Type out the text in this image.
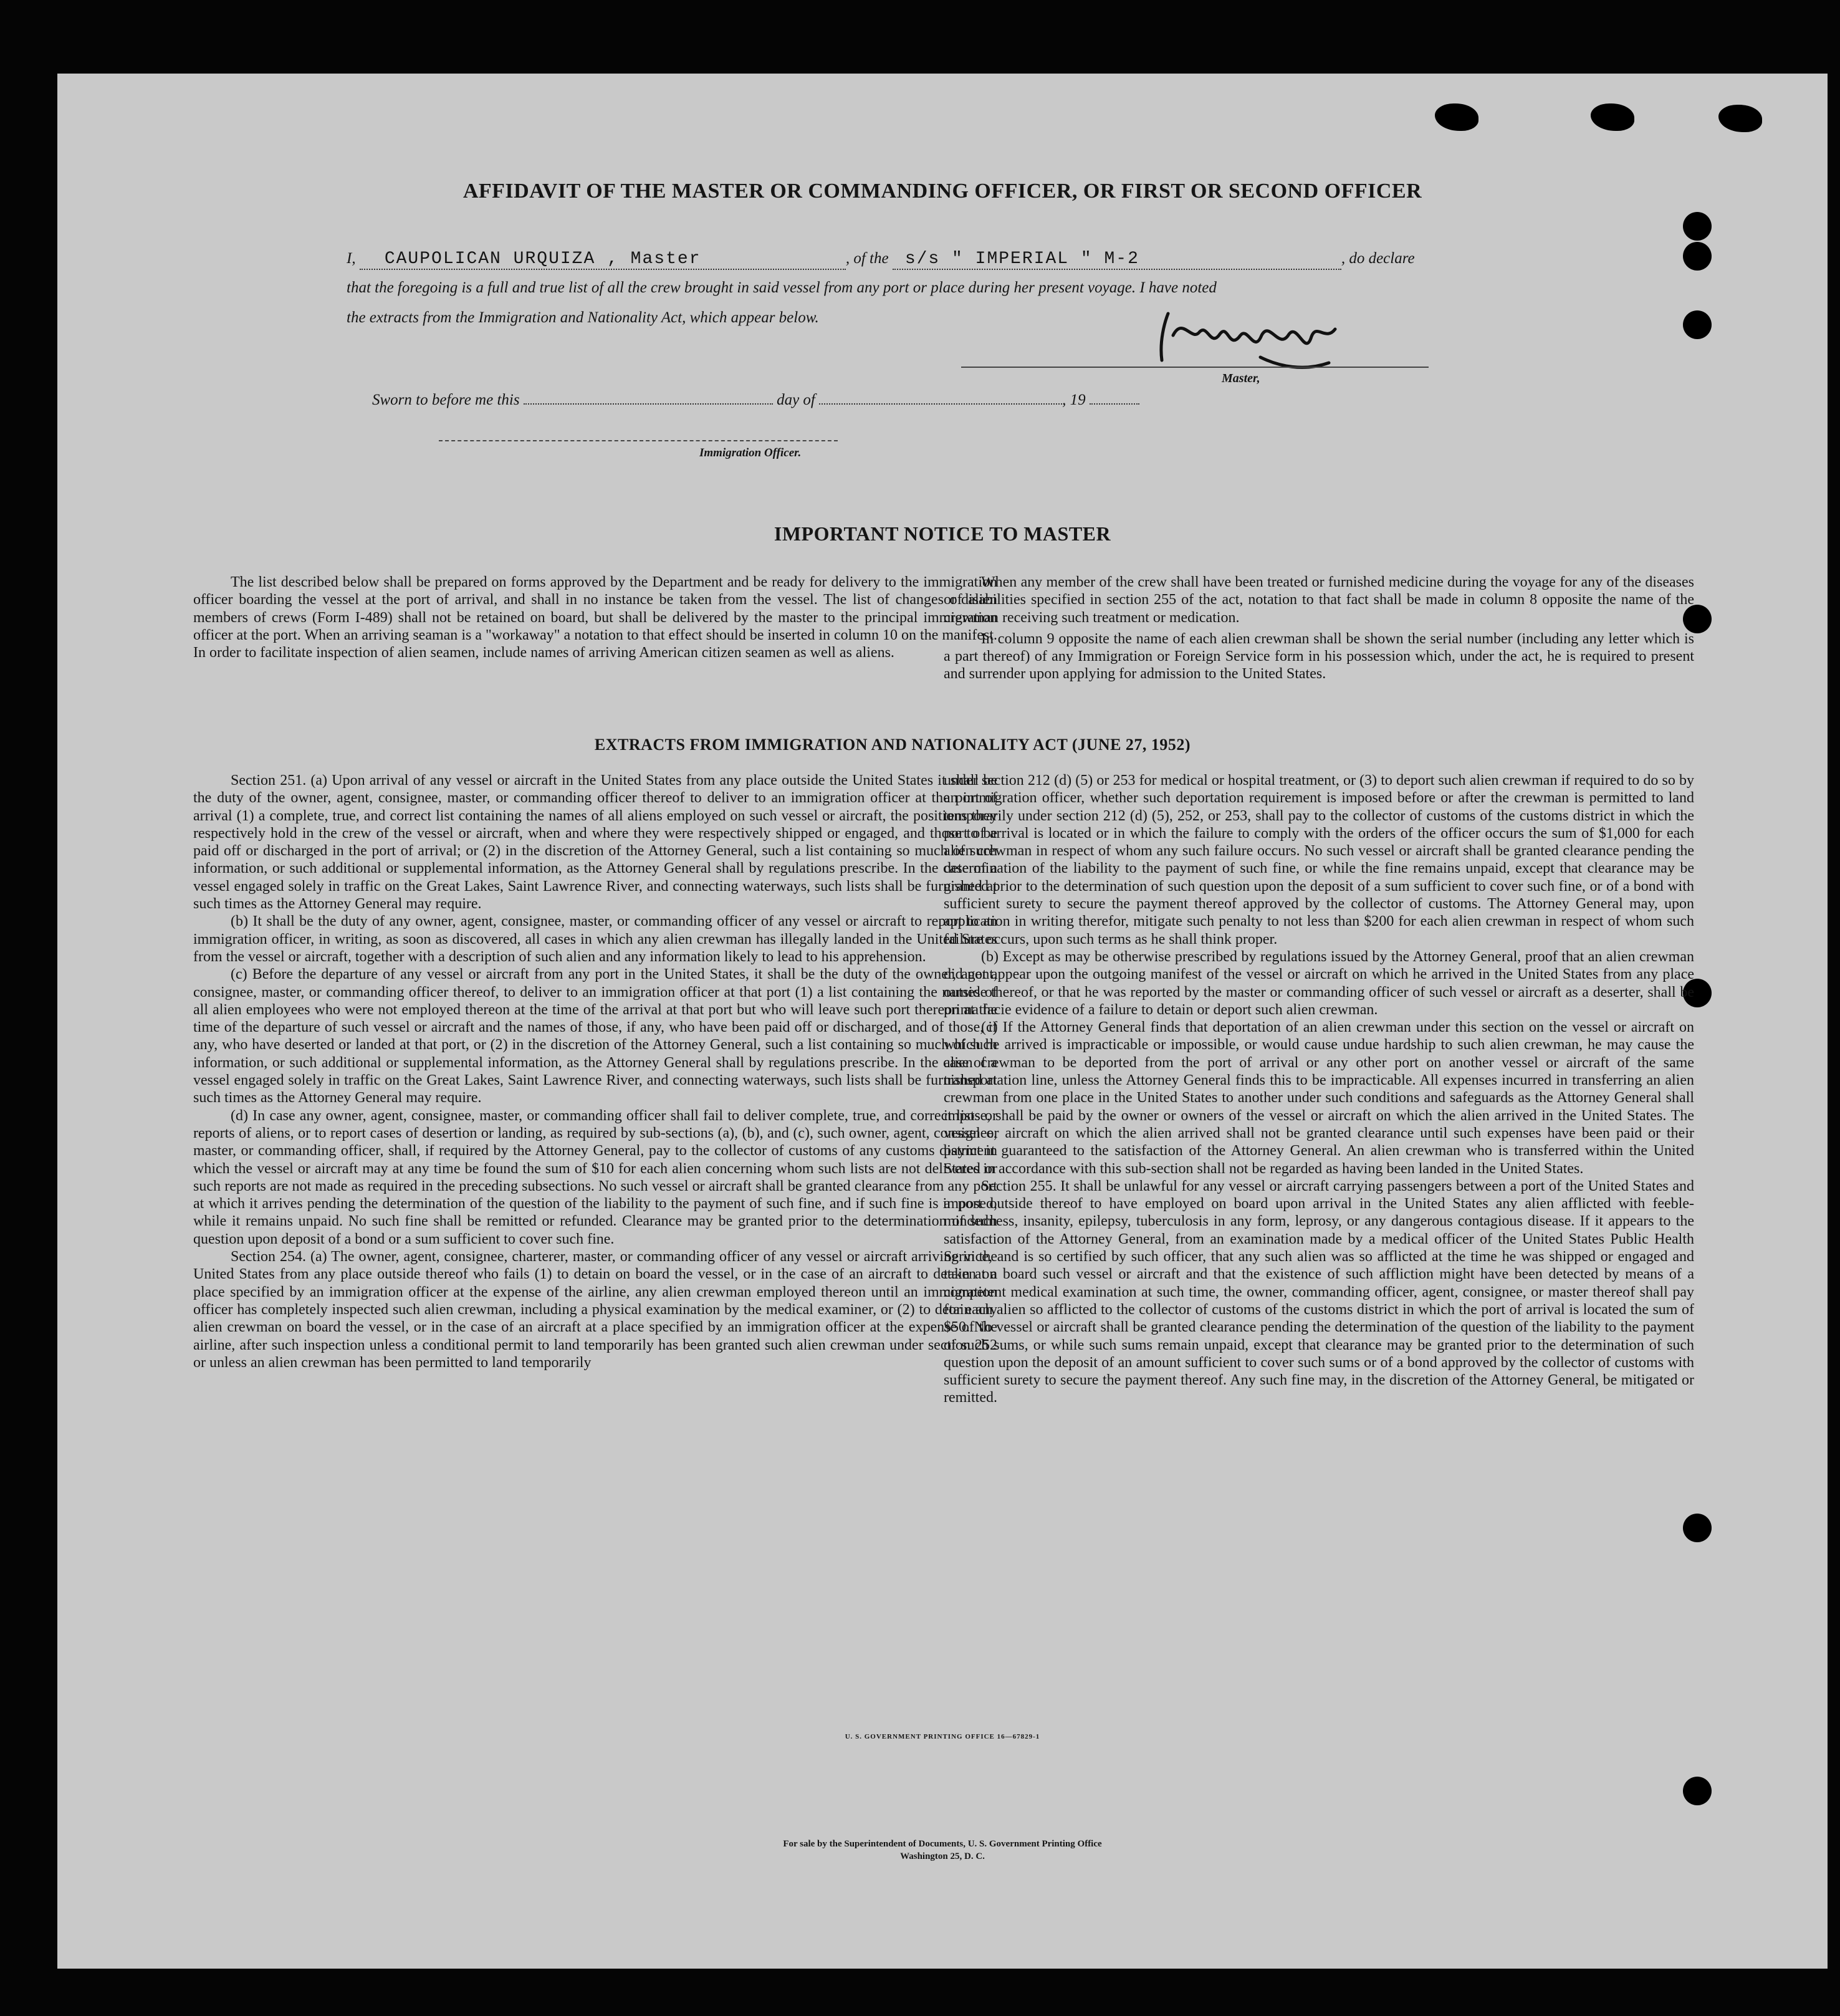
AFFIDAVIT OF THE MASTER OR COMMANDING OFFICER, OR FIRST OR SECOND OFFICER
I, CAUPOLICAN URQUIZA , Master	, of the s/s " IMPERIAL " M-2	, do declare
that the foregoing is a full and true list of all the crew brought in said vessel from any port or place during her present voyage. I have noted
the extracts from the Immigration and Nationality Act, which appear below.
Master,
Sworn to before me this	day of	, 19
Immigration Officer.
IMPORTANT NOTICE TO MASTER

The list described below shall be prepared on forms approved by the Department and be ready for delivery to the immigration officer boarding the vessel at the port of arrival, and shall in no instance be taken from the vessel. The list of changes of alien members of crews (Form I-489) shall not be retained on board, but shall be delivered by the master to the principal immigration officer at the port. When an arriving seaman is a "workaway" a notation to that effect should be inserted in column 10 on the manifest. In order to facilitate inspection of alien seamen, include names of arriving American citizen seamen as well as aliens.

When any member of the crew shall have been treated or furnished medicine during the voyage for any of the diseases or disabilities specified in section 255 of the act, notation to that fact shall be made in column 8 opposite the name of the crewman receiving such treatment or medication.

In column 9 opposite the name of each alien crewman shall be shown the serial number (including any letter which is a part thereof) of any Immigration or Foreign Service form in his possession which, under the act, he is required to present and surrender upon applying for admission to the United States.

EXTRACTS FROM IMMIGRATION AND NATIONALITY ACT (JUNE 27, 1952)

Section 251. (a) Upon arrival of any vessel or aircraft in the United States from any place outside the United States it shall be the duty of the owner, agent, consignee, master, or commanding officer thereof to deliver to an immigration officer at the port of arrival (1) a complete, true, and correct list containing the names of all aliens employed on such vessel or aircraft, the positions they respectively hold in the crew of the vessel or aircraft, when and where they were respectively shipped or engaged, and those to be paid off or discharged in the port of arrival; or (2) in the discretion of the Attorney General, such a list containing so much of such information, or such additional or supplemental information, as the Attorney General shall by regulations prescribe. In the case of a vessel engaged solely in traffic on the Great Lakes, Saint Lawrence River, and connecting waterways, such lists shall be furnished at such times as the Attorney General may require.

(b) It shall be the duty of any owner, agent, consignee, master, or commanding officer of any vessel or aircraft to report to an immigration officer, in writing, as soon as discovered, all cases in which any alien crewman has illegally landed in the United States from the vessel or aircraft, together with a description of such alien and any information likely to lead to his apprehension.

(c) Before the departure of any vessel or aircraft from any port in the United States, it shall be the duty of the owner, agent, consignee, master, or commanding officer thereof, to deliver to an immigration officer at that port (1) a list containing the names of all alien employees who were not employed thereon at the time of the arrival at that port but who will leave such port thereon at the time of the departure of such vessel or aircraft and the names of those, if any, who have been paid off or discharged, and of those, if any, who have deserted or landed at that port, or (2) in the discretion of the Attorney General, such a list containing so much of such information, or such additional or supplemental information, as the Attorney General shall by regulations prescribe. In the case of a vessel engaged solely in traffic on the Great Lakes, Saint Lawrence River, and connecting waterways, such lists shall be furnished at such times as the Attorney General may require.

(d) In case any owner, agent, consignee, master, or commanding officer shall fail to deliver complete, true, and correct lists or reports of aliens, or to report cases of desertion or landing, as required by sub-sections (a), (b), and (c), such owner, agent, consignee, master, or commanding officer, shall, if required by the Attorney General, pay to the collector of customs of any customs district in which the vessel or aircraft may at any time be found the sum of $10 for each alien concerning whom such lists are not delivered or such reports are not made as required in the preceding subsections. No such vessel or aircraft shall be granted clearance from any port at which it arrives pending the determination of the question of the liability to the payment of such fine, and if such fine is imposed, while it remains unpaid. No such fine shall be remitted or refunded. Clearance may be granted prior to the determination of such question upon deposit of a bond or a sum sufficient to cover such fine.

Section 254. (a) The owner, agent, consignee, charterer, master, or commanding officer of any vessel or aircraft arriving in the United States from any place outside thereof who fails (1) to detain on board the vessel, or in the case of an aircraft to detain at a place specified by an immigration officer at the expense of the airline, any alien crewman employed thereon until an immigration officer has completely inspected such alien crewman, including a physical examination by the medical examiner, or (2) to detain any alien crewman on board the vessel, or in the case of an aircraft at a place specified by an immigration officer at the expense of the airline, after such inspection unless a conditional permit to land temporarily has been granted such alien crewman under section 252 or unless an alien crewman has been permitted to land temporarily

under section 212 (d) (5) or 253 for medical or hospital treatment, or (3) to deport such alien crewman if required to do so by an immigration officer, whether such deportation requirement is imposed before or after the crewman is permitted to land temporarily under section 212 (d) (5), 252, or 253, shall pay to the collector of customs of the customs district in which the port of arrival is located or in which the failure to comply with the orders of the officer occurs the sum of $1,000 for each alien crewman in respect of whom any such failure occurs. No such vessel or aircraft shall be granted clearance pending the determination of the liability to the payment of such fine, or while the fine remains unpaid, except that clearance may be granted prior to the determination of such question upon the deposit of a sum sufficient to cover such fine, or of a bond with sufficient surety to secure the payment thereof approved by the collector of customs. The Attorney General may, upon application in writing therefor, mitigate such penalty to not less than $200 for each alien crewman in respect of whom such failure occurs, upon such terms as he shall think proper.

(b) Except as may be otherwise prescribed by regulations issued by the Attorney General, proof that an alien crewman did not appear upon the outgoing manifest of the vessel or aircraft on which he arrived in the United States from any place outside thereof, or that he was reported by the master or commanding officer of such vessel or aircraft as a deserter, shall be prima facie evidence of a failure to detain or deport such alien crewman.

(c) If the Attorney General finds that deportation of an alien crewman under this section on the vessel or aircraft on which he arrived is impracticable or impossible, or would cause undue hardship to such alien crewman, he may cause the alien crewman to be deported from the port of arrival or any other port on another vessel or aircraft of the same transportation line, unless the Attorney General finds this to be impracticable. All expenses incurred in transferring an alien crewman from one place in the United States to another under such conditions and safeguards as the Attorney General shall impose, shall be paid by the owner or owners of the vessel or aircraft on which the alien arrived in the United States. The vessel or aircraft on which the alien arrived shall not be granted clearance until such expenses have been paid or their payment guaranteed to the satisfaction of the Attorney General. An alien crewman who is transferred within the United States in accordance with this sub-section shall not be regarded as having been landed in the United States.

Section 255. It shall be unlawful for any vessel or aircraft carrying passengers between a port of the United States and a port outside thereof to have employed on board upon arrival in the United States any alien afflicted with feeble-mindedness, insanity, epilepsy, tuberculosis in any form, leprosy, or any dangerous contagious disease. If it appears to the satisfaction of the Attorney General, from an examination made by a medical officer of the United States Public Health Service, and is so certified by such officer, that any such alien was so afflicted at the time he was shipped or engaged and taken on board such vessel or aircraft and that the existence of such affliction might have been detected by means of a competent medical examination at such time, the owner, commanding officer, agent, consignee, or master thereof shall pay for each alien so afflicted to the collector of customs of the customs district in which the port of arrival is located the sum of $50. No vessel or aircraft shall be granted clearance pending the determination of the question of the liability to the payment of such sums, or while such sums remain unpaid, except that clearance may be granted prior to the determination of such question upon the deposit of an amount sufficient to cover such sums or of a bond approved by the collector of customs with sufficient surety to secure the payment thereof. Any such fine may, in the discretion of the Attorney General, be mitigated or remitted.

U. S. GOVERNMENT PRINTING OFFICE 16—67829-1
For sale by the Superintendent of Documents, U. S. Government Printing Office
Washington 25, D. C.
